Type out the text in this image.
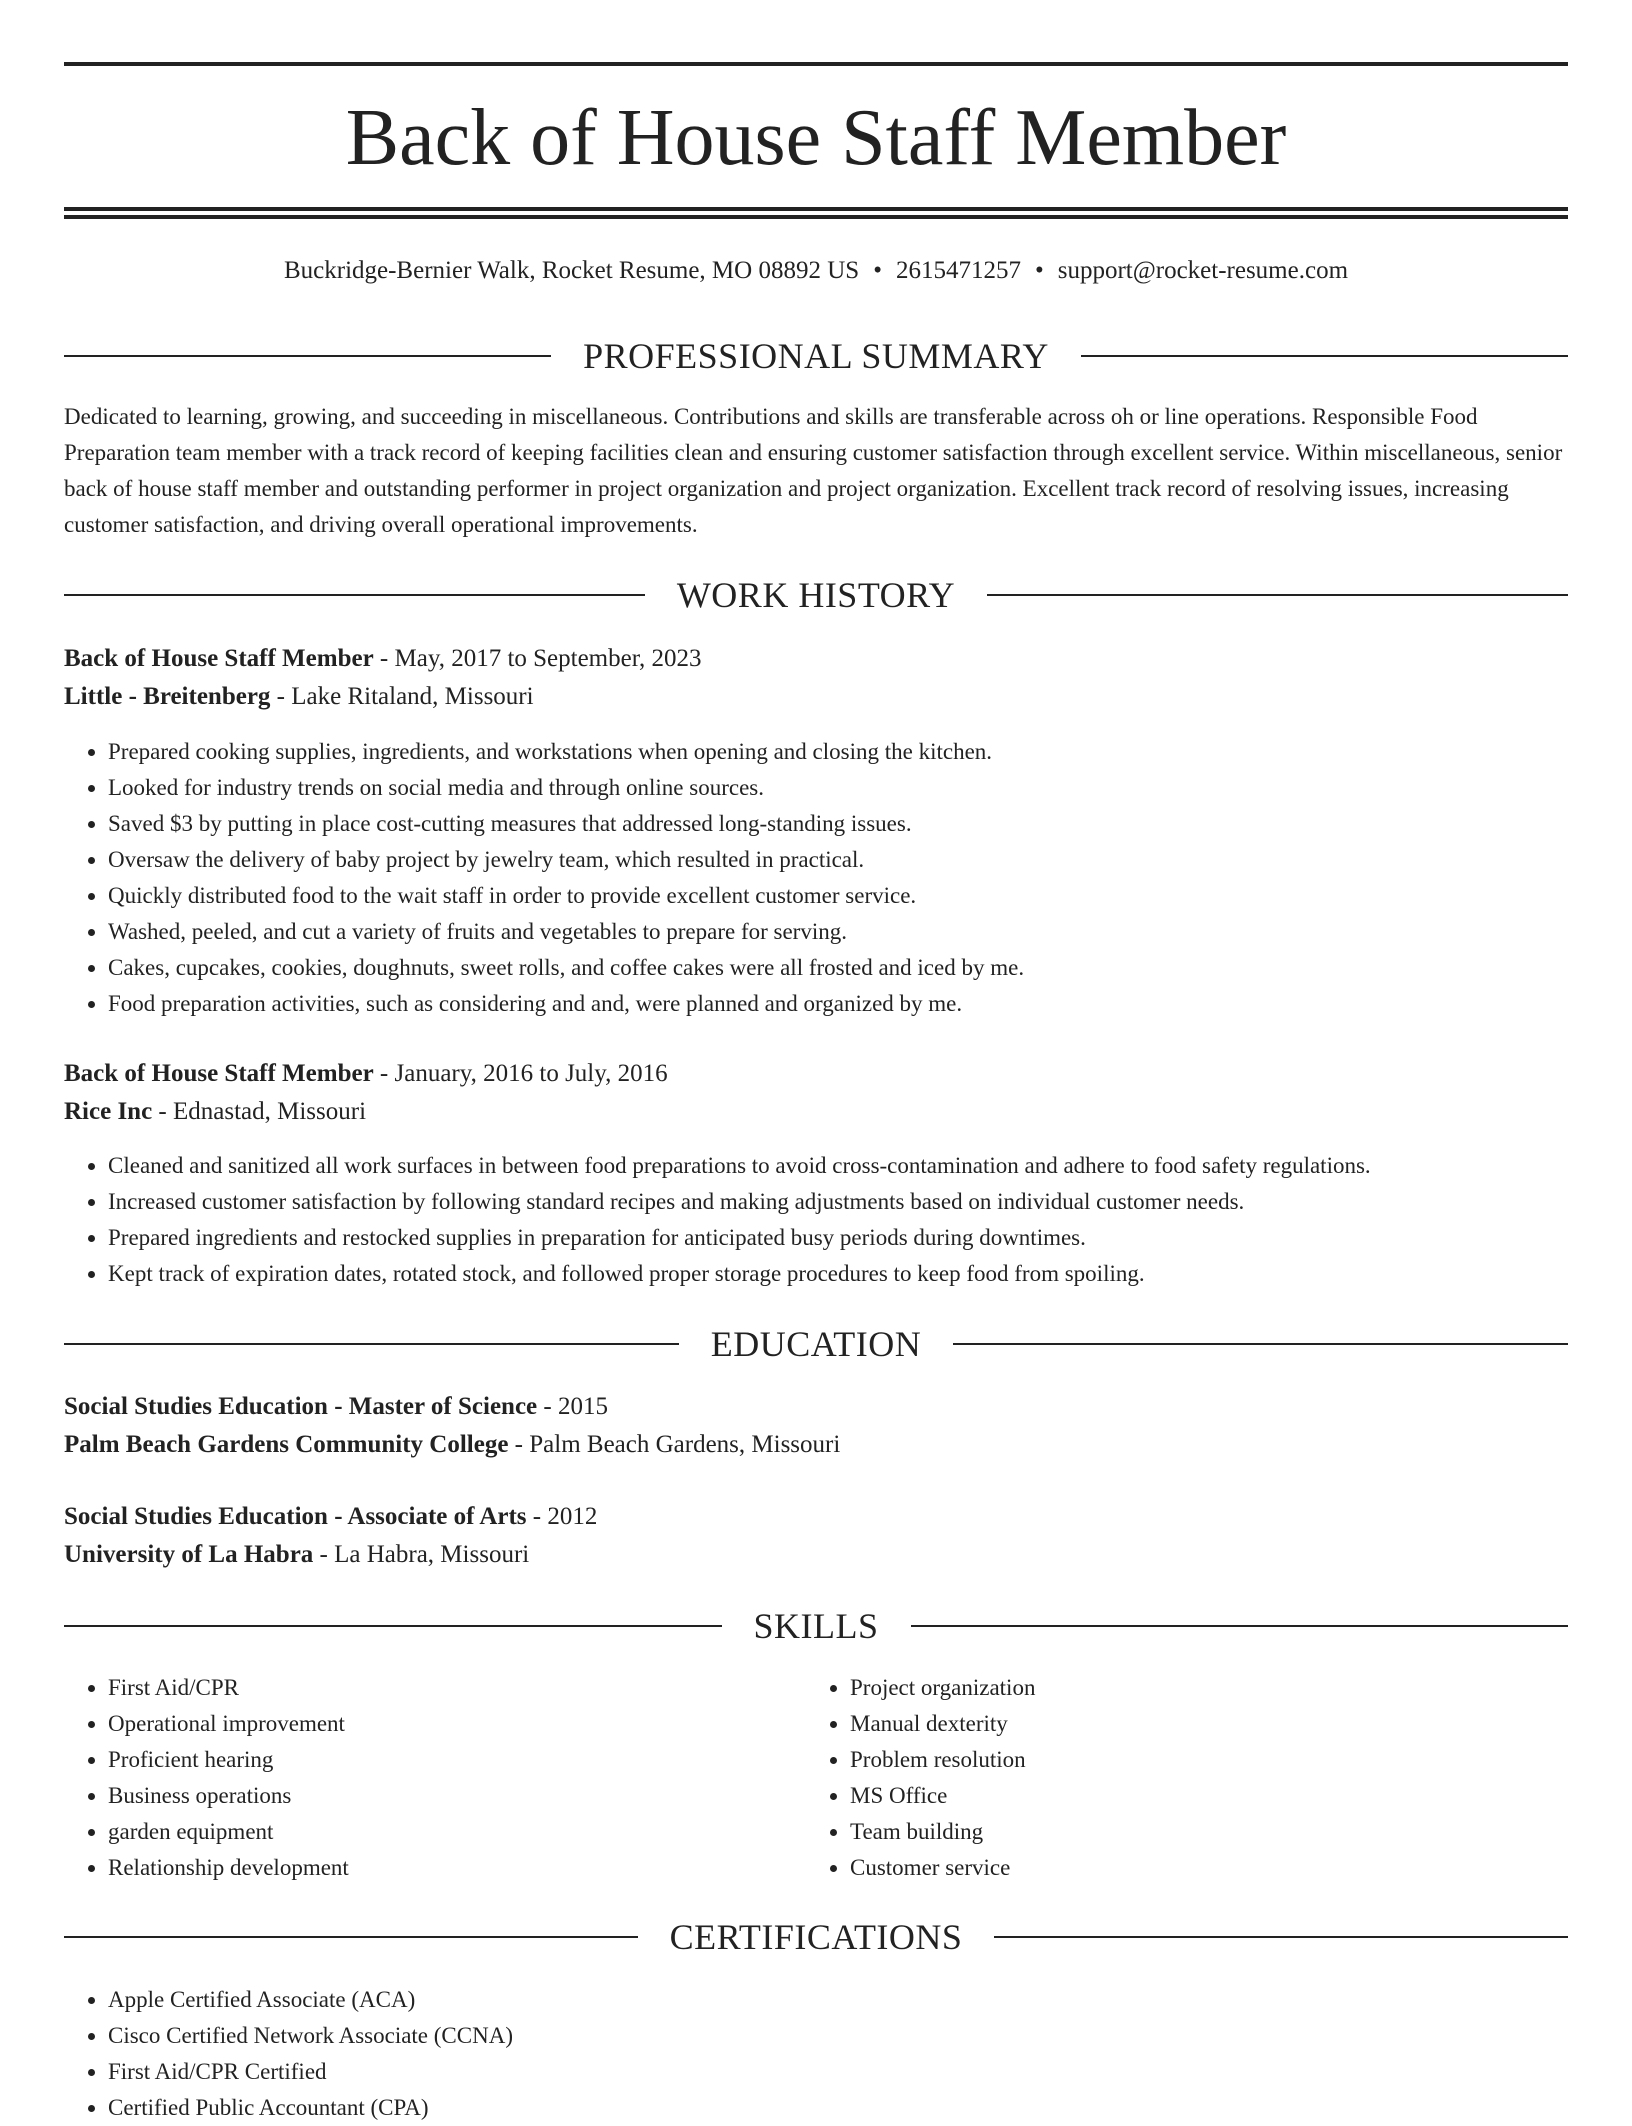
Back of House Staff Member
Buckridge-Bernier Walk, Rocket Resume, MO 08892 US • 2615471257 • support@rocket-resume.com
PROFESSIONAL SUMMARY
Dedicated to learning, growing, and succeeding in miscellaneous. Contributions and skills are transferable across oh or line operations. Responsible Food Preparation team member with a track record of keeping facilities clean and ensuring customer satisfaction through excellent service. Within miscellaneous, senior back of house staff member and outstanding performer in project organization and project organization. Excellent track record of resolving issues, increasing customer satisfaction, and driving overall operational improvements.
WORK HISTORY
Back of House Staff Member - May, 2017 to September, 2023
Little - Breitenberg - Lake Ritaland, Missouri
• Prepared cooking supplies, ingredients, and workstations when opening and closing the kitchen.
• Looked for industry trends on social media and through online sources.
• Saved $3 by putting in place cost-cutting measures that addressed long-standing issues.
• Oversaw the delivery of baby project by jewelry team, which resulted in practical.
• Quickly distributed food to the wait staff in order to provide excellent customer service.
• Washed, peeled, and cut a variety of fruits and vegetables to prepare for serving.
• Cakes, cupcakes, cookies, doughnuts, sweet rolls, and coffee cakes were all frosted and iced by me.
• Food preparation activities, such as considering and and, were planned and organized by me.
Back of House Staff Member - January, 2016 to July, 2016
Rice Inc - Ednastad, Missouri
• Cleaned and sanitized all work surfaces in between food preparations to avoid cross-contamination and adhere to food safety regulations.
• Increased customer satisfaction by following standard recipes and making adjustments based on individual customer needs.
• Prepared ingredients and restocked supplies in preparation for anticipated busy periods during downtimes.
• Kept track of expiration dates, rotated stock, and followed proper storage procedures to keep food from spoiling.
EDUCATION
Social Studies Education - Master of Science - 2015
Palm Beach Gardens Community College - Palm Beach Gardens, Missouri
Social Studies Education - Associate of Arts - 2012
University of La Habra - La Habra, Missouri
SKILLS
• First Aid/CPR
• Operational improvement
• Proficient hearing
• Business operations
• garden equipment
• Relationship development
• Project organization
• Manual dexterity
• Problem resolution
• MS Office
• Team building
• Customer service
CERTIFICATIONS
• Apple Certified Associate (ACA)
• Cisco Certified Network Associate (CCNA)
• First Aid/CPR Certified
• Certified Public Accountant (CPA)
